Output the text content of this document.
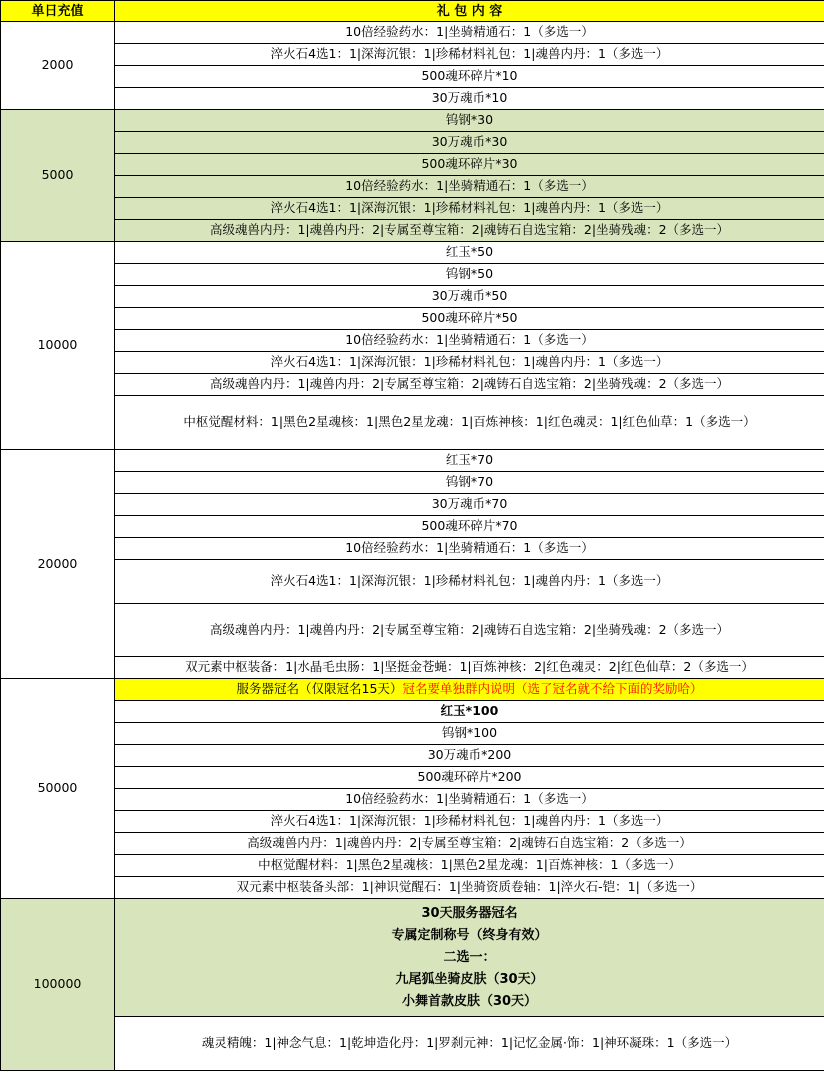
单日充值	礼 包 内 容
2000	10倍经验药水：1|坐骑精通石：1（多选一）
	淬火石4选1：1|深海沉银：1|珍稀材料礼包：1|魂兽内丹：1（多选一）
	500魂环碎片*10
	30万魂币*10
5000	钨钢*30
	30万魂币*30
	500魂环碎片*30
	10倍经验药水：1|坐骑精通石：1（多选一）
	淬火石4选1：1|深海沉银：1|珍稀材料礼包：1|魂兽内丹：1（多选一）
	高级魂兽内丹：1|魂兽内丹：2|专属至尊宝箱：2|魂铸石自选宝箱：2|坐骑残魂：2（多选一）
10000	红玉*50
	钨钢*50
	30万魂币*50
	500魂环碎片*50
	10倍经验药水：1|坐骑精通石：1（多选一）
	淬火石4选1：1|深海沉银：1|珍稀材料礼包：1|魂兽内丹：1（多选一）
	高级魂兽内丹：1|魂兽内丹：2|专属至尊宝箱：2|魂铸石自选宝箱：2|坐骑残魂：2（多选一）
	中枢觉醒材料：1|黑色2星魂核：1|黑色2星龙魂：1|百炼神核：1|红色魂灵：1|红色仙草：1（多选一）
20000	红玉*70
	钨钢*70
	30万魂币*70
	500魂环碎片*70
	10倍经验药水：1|坐骑精通石：1（多选一）
	淬火石4选1：1|深海沉银：1|珍稀材料礼包：1|魂兽内丹：1（多选一）
	高级魂兽内丹：1|魂兽内丹：2|专属至尊宝箱：2|魂铸石自选宝箱：2|坐骑残魂：2（多选一）
	双元素中枢装备：1|水晶毛虫肠：1|坚挺金苍蝇：1|百炼神核：2|红色魂灵：2|红色仙草：2（多选一）
50000	服务器冠名（仅限冠名15天）冠名要单独群内说明（选了冠名就不给下面的奖励哈）
	红玉*100
	钨钢*100
	30万魂币*200
	500魂环碎片*200
	10倍经验药水：1|坐骑精通石：1（多选一）
	淬火石4选1：1|深海沉银：1|珍稀材料礼包：1|魂兽内丹：1（多选一）
	高级魂兽内丹：1|魂兽内丹：2|专属至尊宝箱：2|魂铸石自选宝箱：2（多选一）
	中枢觉醒材料：1|黑色2星魂核：1|黑色2星龙魂：1|百炼神核：1（多选一）
	双元素中枢装备头部：1|神识觉醒石：1|坐骑资质卷轴：1|淬火石-铠：1|（多选一）
100000	30天服务器冠名
专属定制称号（终身有效）
二选一：
九尾狐坐骑皮肤（30天）
小舞首款皮肤（30天）

	魂灵精魄：1|神念气息：1|乾坤造化丹：1|罗刹元神：1|记忆金属·饰：1|神环凝珠：1（多选一）
